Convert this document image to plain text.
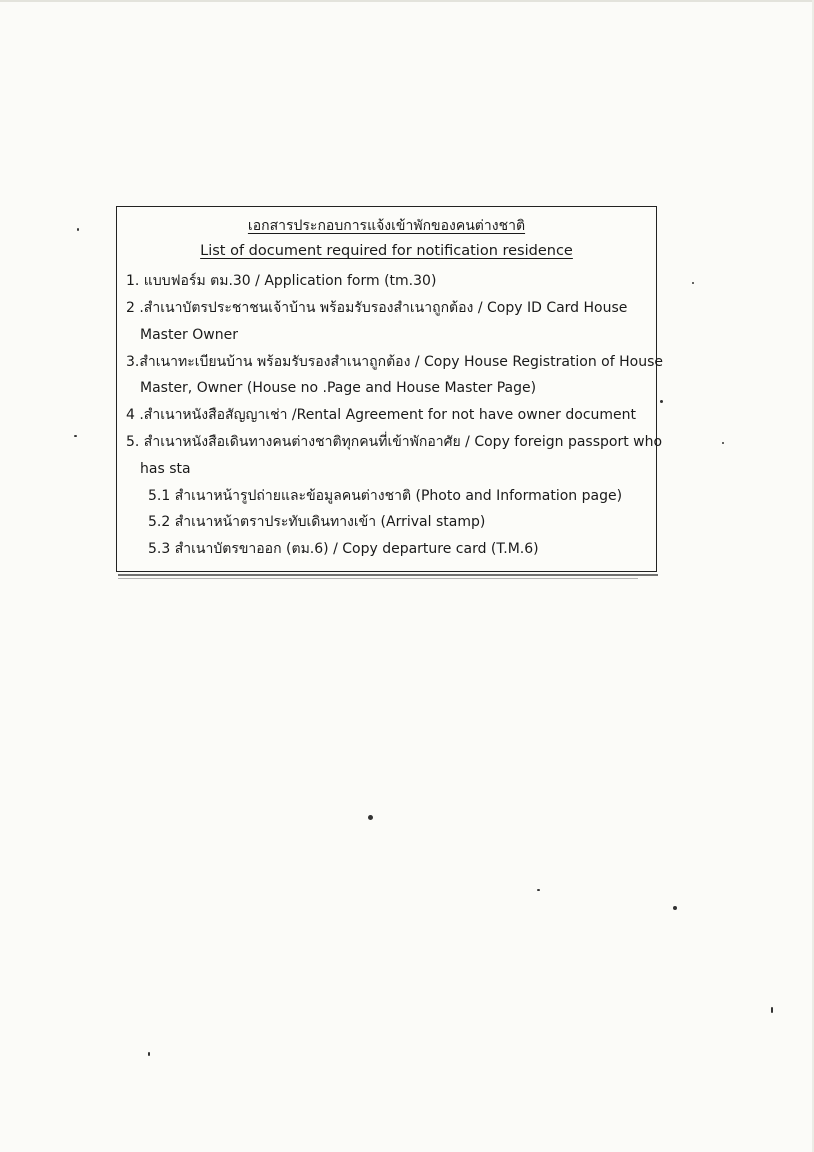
เอกสารประกอบการแจ้งเข้าพักของคนต่างชาติ
List of document required for notification residence
1. แบบฟอร์ม ตม.30 / Application form (tm.30)
2 .สำเนาบัตรประชาชนเจ้าบ้าน พร้อมรับรองสำเนาถูกต้อง / Copy ID Card House
Master Owner
3.สำเนาทะเบียนบ้าน พร้อมรับรองสำเนาถูกต้อง / Copy House Registration of House
Master, Owner (House no .Page and House Master Page)
4 .สำเนาหนังสือสัญญาเช่า /Rental Agreement for not have owner document
5. สำเนาหนังสือเดินทางคนต่างชาติทุกคนที่เข้าพักอาศัย / Copy foreign passport who
has sta
5.1 สำเนาหน้ารูปถ่ายและข้อมูลคนต่างชาติ (Photo and Information page)
5.2 สำเนาหน้าตราประทับเดินทางเข้า (Arrival stamp)
5.3 สำเนาบัตรขาออก (ตม.6) / Copy departure card (T.M.6)
